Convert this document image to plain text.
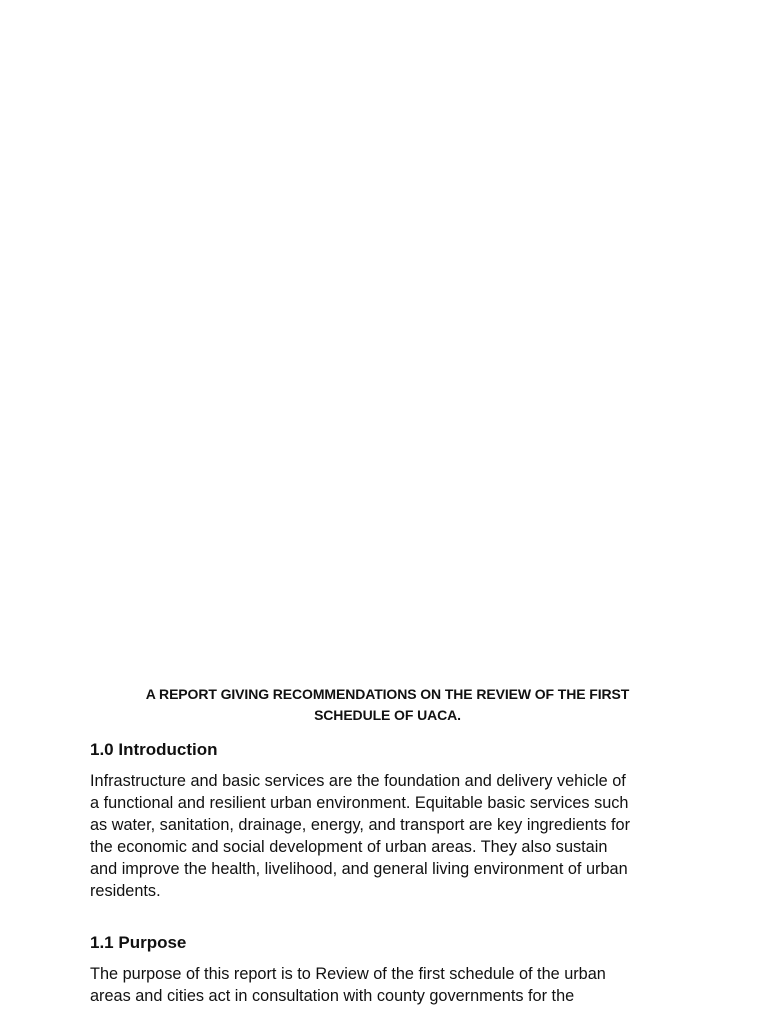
A REPORT GIVING RECOMMENDATIONS ON THE REVIEW OF THE FIRST
SCHEDULE OF UACA.
1.0 Introduction

Infrastructure and basic services are the foundation and delivery vehicle of
a functional and resilient urban environment. Equitable basic services such
as water, sanitation, drainage, energy, and transport are key ingredients for
the economic and social development of urban areas. They also sustain
and improve the health, livelihood, and general living environment of urban
residents.

1.1 Purpose

The purpose of this report is to Review of the first schedule of the urban
areas and cities act in consultation with county governments for the
